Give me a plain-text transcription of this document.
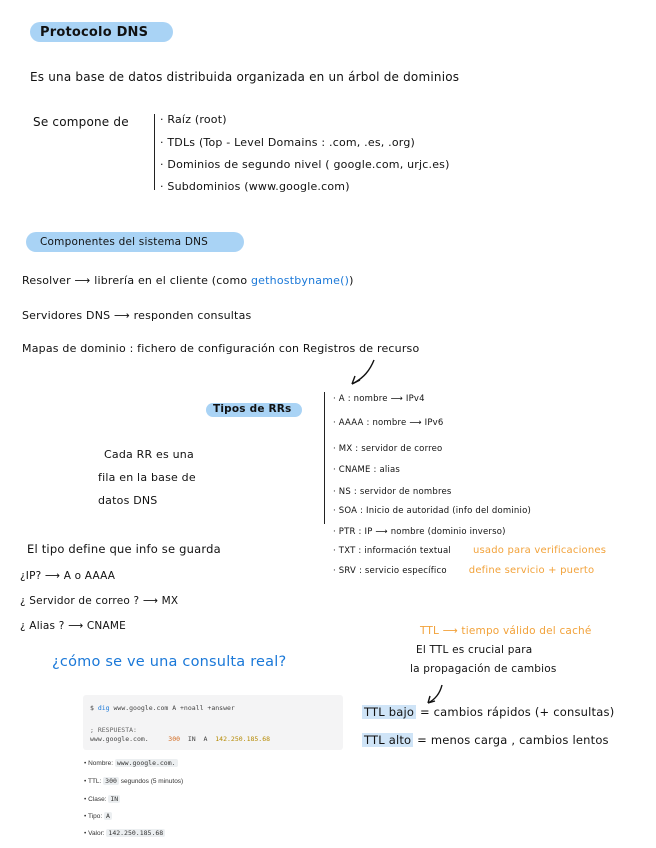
Protocolo DNS
Es una base de datos distribuida organizada en un árbol de dominios
Se compone de	· Raíz (root)
· TDLs (Top - Level Domains : .com, .es, .org)
· Dominios de segundo nivel ( google.com, urjc.es)
· Subdominios (www.google.com)
Componentes del sistema DNS
Resolver ⟶ librería en el cliente (como gethostbyname())
Servidores DNS ⟶ responden consultas
Mapas de dominio : fichero de configuración con Registros de recurso
Tipos de RRs
Cada RR es una
fila en la base de
datos DNS
· A : nombre ⟶ IPv4
· AAAA : nombre ⟶ IPv6
· MX : servidor de correo
· CNAME : alias
· NS : servidor de nombres
· SOA : Inicio de autoridad (info del dominio)
· PTR : IP ⟶ nombre (dominio inverso)
· TXT : información textual usado para verificaciones
· SRV : servicio específico define servicio + puerto
El tipo define que info se guarda
¿IP? ⟶ A o AAAA
¿ Servidor de correo ? ⟶ MX
¿ Alias ? ⟶ CNAME
¿cómo se ve una consulta real?
$ dig www.google.com A +noall +answer
; RESPUESTA:
www.google.com.	300 IN A 142.250.185.68
• Nombre: www.google.com.
• TTL: 300 segundos (5 minutos)
• Clase: IN
• Tipo: A
• Valor: 142.250.185.68
TTL ⟶ tiempo válido del caché
El TTL es crucial para
la propagación de cambios
TTL bajo = cambios rápidos (+ consultas)
TTL alto = menos carga , cambios lentos
